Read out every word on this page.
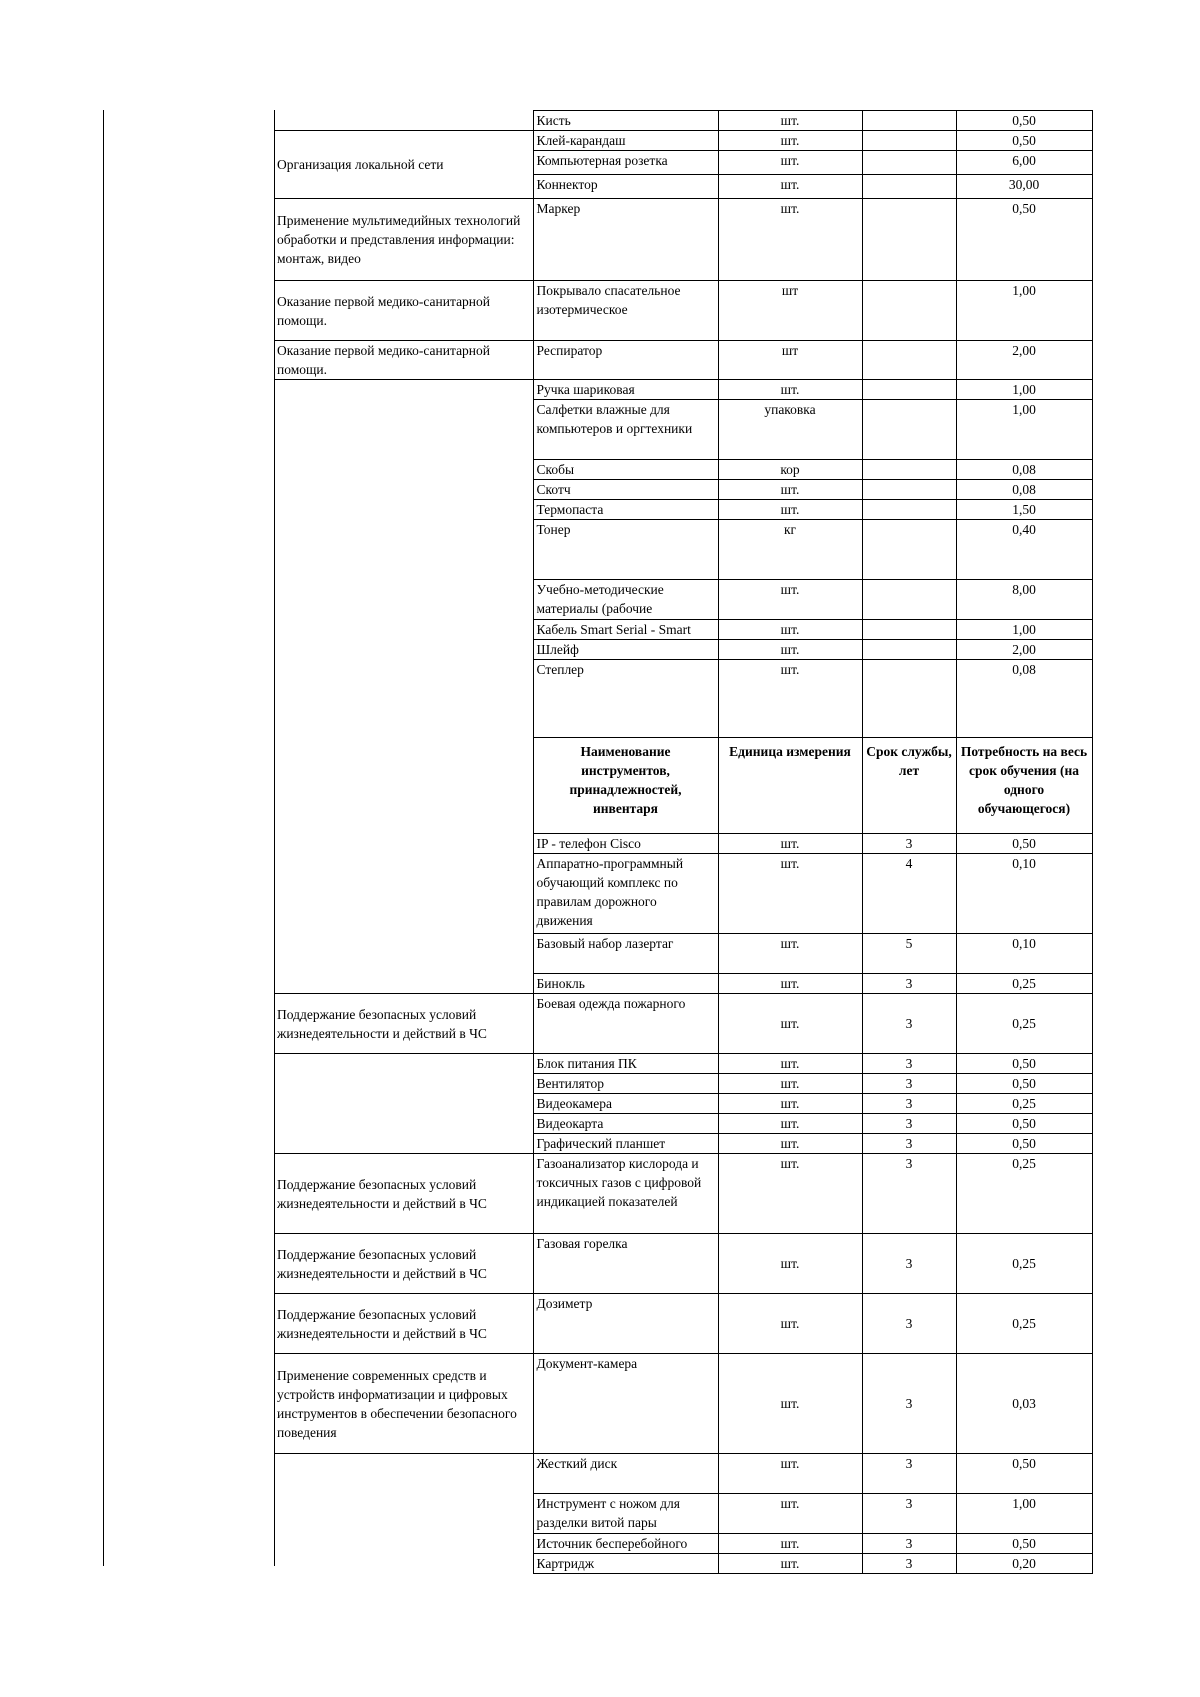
	Кисть	шт.		0,50
Организация локальной сети	Клей-карандаш	шт.		0,50
	Компьютерная розетка	шт.		6,00
	Коннектор	шт.		30,00
Применение мультимедийных технологий обработки и представления информации: монтаж, видео	Маркер	шт.		0,50
Оказание первой медико-санитарной помощи.	Покрывало спасательное изотермическое	шт		1,00
Оказание первой медико-санитарной помощи.	Респиратор	шт		2,00
	Ручка шариковая	шт.		1,00
	Салфетки влажные для компьютеров и оргтехники	упаковка		1,00
	Скобы	кор		0,08
	Скотч	шт.		0,08
	Термопаста	шт.		1,50
	Тонер	кг		0,40
	Учебно-методические материалы (рабочие	шт.		8,00
	Кабель Smart Serial - Smart	шт.		1,00
	Шлейф	шт.		2,00
	Степлер	шт.		0,08
	Наименование инструментов, принадлежностей, инвентаря	Единица измерения	Срок службы, лет	Потребность на весь срок обучения (на одного обучающегося)
	IP - телефон Cisco	шт.	3	0,50
	Аппаратно-программный обучающий комплекс по правилам дорожного движения	шт.	4	0,10
	Базовый набор лазертаг	шт.	5	0,10
	Бинокль	шт.	3	0,25
Поддержание безопасных условий жизнедеятельности и действий в ЧС	Боевая одежда пожарного	шт.	3	0,25
	Блок питания ПК	шт.	3	0,50
	Вентилятор	шт.	3	0,50
	Видеокамера	шт.	3	0,25
	Видеокарта	шт.	3	0,50
	Графический планшет	шт.	3	0,50
Поддержание безопасных условий жизнедеятельности и действий в ЧС	Газоанализатор кислорода и токсичных газов с цифровой индикацией показателей	шт.	3	0,25
Поддержание безопасных условий жизнедеятельности и действий в ЧС	Газовая горелка	шт.	3	0,25
Поддержание безопасных условий жизнедеятельности и действий в ЧС	Дозиметр	шт.	3	0,25
Применение современных средств и устройств информатизации и цифровых инструментов в обеспечении безопасного поведения	Документ-камера	шт.	3	0,03
	Жесткий диск	шт.	3	0,50
	Инструмент с ножом для разделки витой пары	шт.	3	1,00
	Источник бесперебойного	шт.	3	0,50
	Картридж	шт.	3	0,20
